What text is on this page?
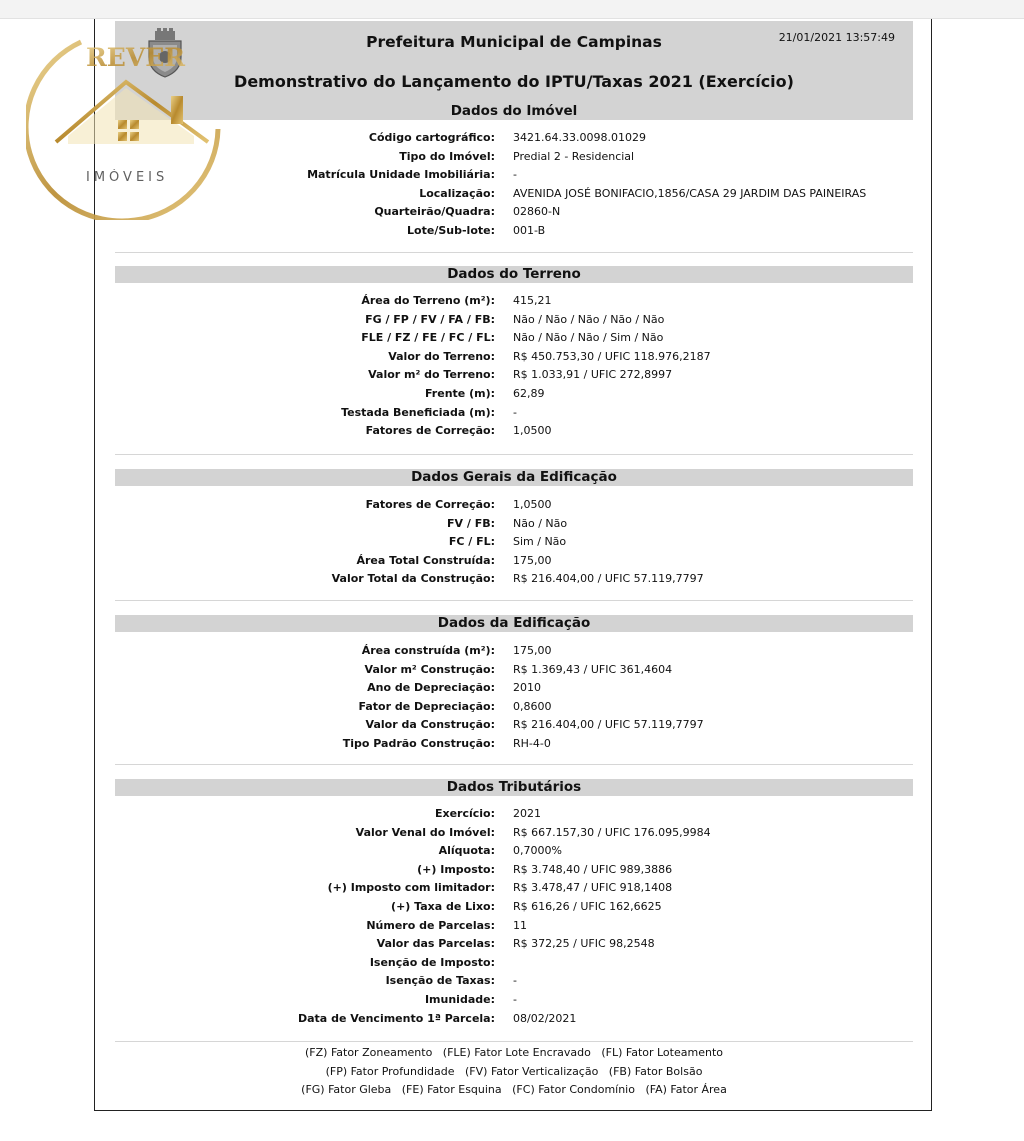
Prefeitura Municipal de Campinas
Demonstrativo do Lançamento do IPTU/Taxas 2021 (Exercício)
21/01/2021 13:57:49
Dados do Imóvel
Código cartográfico: 3421.64.33.0098.01029
Tipo do Imóvel: Predial 2 - Residencial
Matrícula Unidade Imobiliária: -
Localização: AVENIDA JOSÉ BONIFACIO,1856/CASA 29 JARDIM DAS PAINEIRAS
Quarteirão/Quadra: 02860-N
Lote/Sub-lote: 001-B
Dados do Terreno
Área do Terreno (m²): 415,21
FG / FP / FV / FA / FB: Não / Não / Não / Não / Não
FLE / FZ / FE / FC / FL: Não / Não / Não / Sim / Não
Valor do Terreno: R$ 450.753,30 / UFIC 118.976,2187
Valor m² do Terreno: R$ 1.033,91 / UFIC 272,8997
Frente (m): 62,89
Testada Beneficiada (m): -
Fatores de Correção: 1,0500
Dados Gerais da Edificação
Fatores de Correção: 1,0500
FV / FB: Não / Não
FC / FL: Sim / Não
Área Total Construída: 175,00
Valor Total da Construção: R$ 216.404,00 / UFIC 57.119,7797
Dados da Edificação
Área construída (m²): 175,00
Valor m² Construção: R$ 1.369,43 / UFIC 361,4604
Ano de Depreciação: 2010
Fator de Depreciação: 0,8600
Valor da Construção: R$ 216.404,00 / UFIC 57.119,7797
Tipo Padrão Construção: RH-4-0
Dados Tributários
Exercício: 2021
Valor Venal do Imóvel: R$ 667.157,30 / UFIC 176.095,9984
Alíquota: 0,7000%
(+) Imposto: R$ 3.748,40 / UFIC 989,3886
(+) Imposto com limitador: R$ 3.478,47 / UFIC 918,1408
(+) Taxa de Lixo: R$ 616,26 / UFIC 162,6625
Número de Parcelas: 11
Valor das Parcelas: R$ 372,25 / UFIC 98,2548
Isenção de Imposto:
Isenção de Taxas: -
Imunidade: -
Data de Vencimento 1ª Parcela: 08/02/2021
(FZ) Fator Zoneamento   (FLE) Fator Lote Encravado   (FL) Fator Loteamento
(FP) Fator Profundidade   (FV) Fator Verticalização   (FB) Fator Bolsão
(FG) Fator Gleba   (FE) Fator Esquina   (FC) Fator Condomínio   (FA) Fator Área
REVER
IMÓVEIS
